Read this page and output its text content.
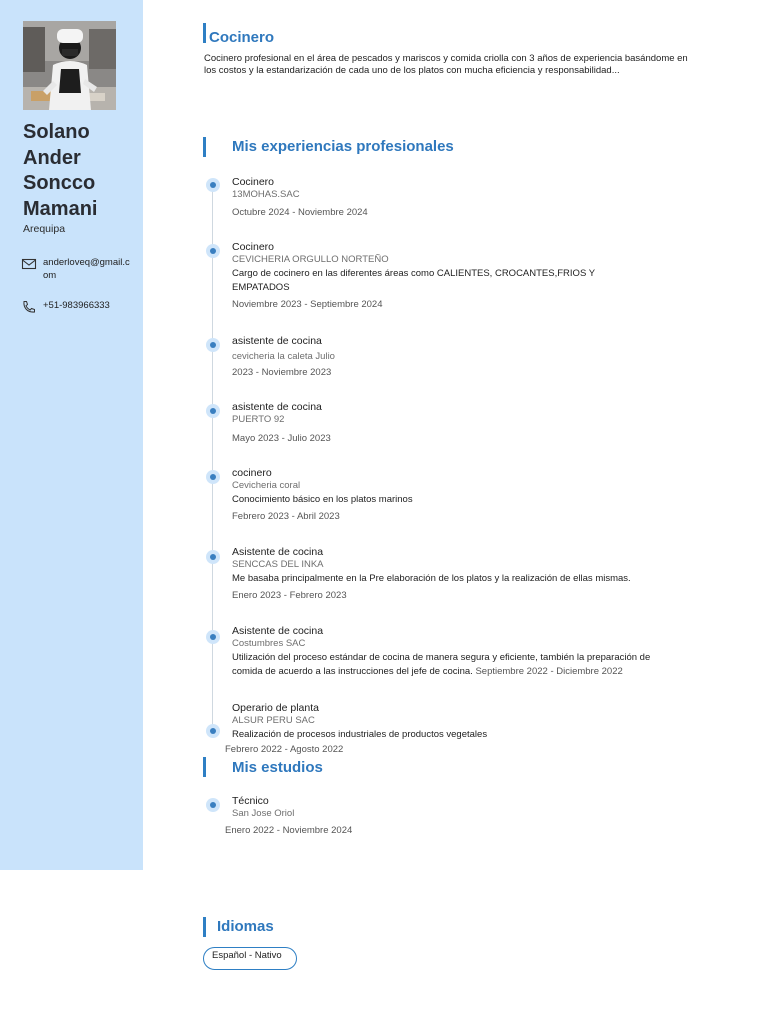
Solano
Ander
Soncco
Mamani
Arequipa
anderloveq@gmail.com
+51-983966333
Cocinero
Cocinero profesional en el área de pescados y mariscos y comida criolla con 3 años de experiencia basándome en los costos y la estandarización de cada uno de los platos con mucha eficiencia y responsabilidad...
Mis experiencias profesionales
Cocinero
13MOHAS.SAC
Octubre 2024 - Noviembre 2024
Cocinero
CEVICHERIA ORGULLO NORTEÑO
Cargo de cocinero en las diferentes áreas como CALIENTES, CROCANTES,FRIOS Y EMPATADOS
Noviembre 2023 - Septiembre 2024
asistente de cocina
cevicheria la caleta Julio
2023 - Noviembre 2023
asistente de cocina
PUERTO 92
Mayo 2023 - Julio 2023
cocinero
Cevicheria coral
Conocimiento básico en los platos marinos
Febrero 2023 - Abril 2023
Asistente de cocina
SENCCAS DEL INKA
Me basaba principalmente en la Pre elaboración de los platos y la realización de ellas mismas.
Enero 2023 - Febrero 2023
Asistente de cocina
Costumbres SAC
Utilización del proceso estándar de cocina de manera segura y eficiente, también la preparación de comida de acuerdo a las instrucciones del jefe de cocina. Septiembre 2022 - Diciembre 2022
Operario de planta
ALSUR PERU SAC
Realización de procesos industriales de productos vegetales
Febrero 2022 - Agosto 2022
Mis estudios
Técnico
San Jose Oriol
Enero 2022 - Noviembre 2024
Idiomas
Español - Nativo
